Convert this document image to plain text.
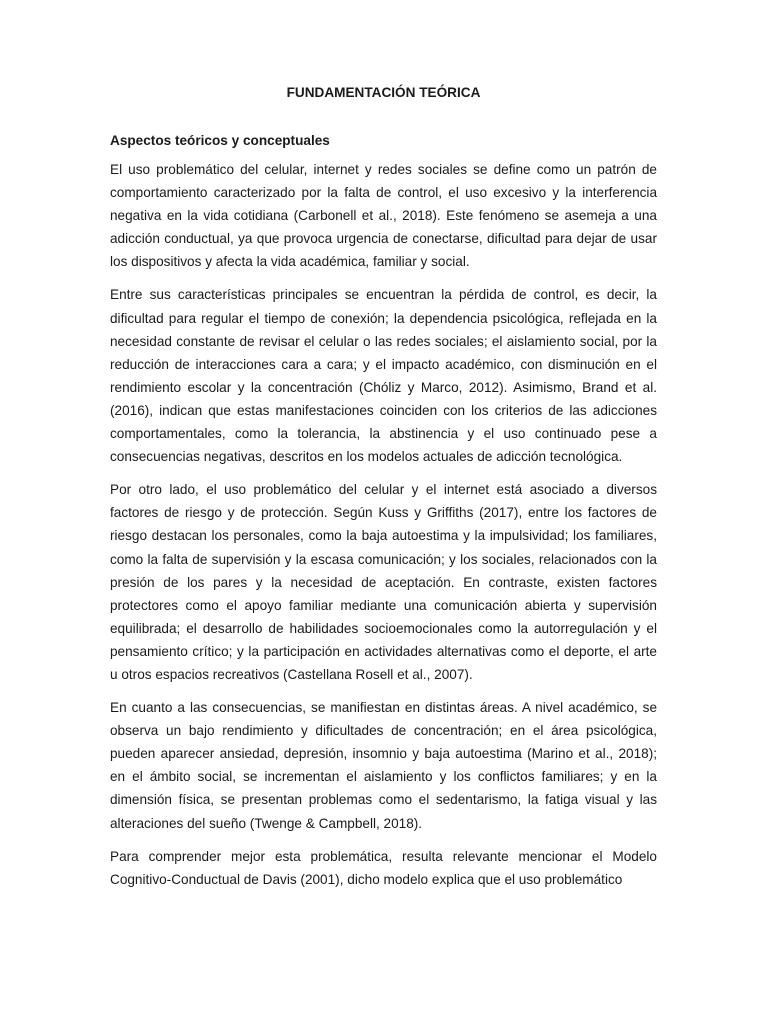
FUNDAMENTACIÓN TEÓRICA
Aspectos teóricos y conceptuales

El uso problemático del celular, internet y redes sociales se define como un patrón de comportamiento caracterizado por la falta de control, el uso excesivo y la interferencia negativa en la vida cotidiana (Carbonell et al., 2018). Este fenómeno se asemeja a una adicción conductual, ya que provoca urgencia de conectarse, dificultad para dejar de usar los dispositivos y afecta la vida académica, familiar y social.

Entre sus características principales se encuentran la pérdida de control, es decir, la dificultad para regular el tiempo de conexión; la dependencia psicológica, reflejada en la necesidad constante de revisar el celular o las redes sociales; el aislamiento social, por la reducción de interacciones cara a cara; y el impacto académico, con disminución en el rendimiento escolar y la concentración (Chóliz y Marco, 2012). Asimismo, Brand et al. (2016), indican que estas manifestaciones coinciden con los criterios de las adicciones comportamentales, como la tolerancia, la abstinencia y el uso continuado pese a consecuencias negativas, descritos en los modelos actuales de adicción tecnológica.

Por otro lado, el uso problemático del celular y el internet está asociado a diversos factores de riesgo y de protección. Según Kuss y Griffiths (2017), entre los factores de riesgo destacan los personales, como la baja autoestima y la impulsividad; los familiares, como la falta de supervisión y la escasa comunicación; y los sociales, relacionados con la presión de los pares y la necesidad de aceptación. En contraste, existen factores protectores como el apoyo familiar mediante una comunicación abierta y supervisión equilibrada; el desarrollo de habilidades socioemocionales como la autorregulación y el pensamiento crítico; y la participación en actividades alternativas como el deporte, el arte u otros espacios recreativos (Castellana Rosell et al., 2007).

En cuanto a las consecuencias, se manifiestan en distintas áreas. A nivel académico, se observa un bajo rendimiento y dificultades de concentración; en el área psicológica, pueden aparecer ansiedad, depresión, insomnio y baja autoestima (Marino et al., 2018); en el ámbito social, se incrementan el aislamiento y los conflictos familiares; y en la dimensión física, se presentan problemas como el sedentarismo, la fatiga visual y las alteraciones del sueño (Twenge & Campbell, 2018).

Para comprender mejor esta problemática, resulta relevante mencionar el Modelo Cognitivo-Conductual de Davis (2001), dicho modelo explica que el uso problemático
